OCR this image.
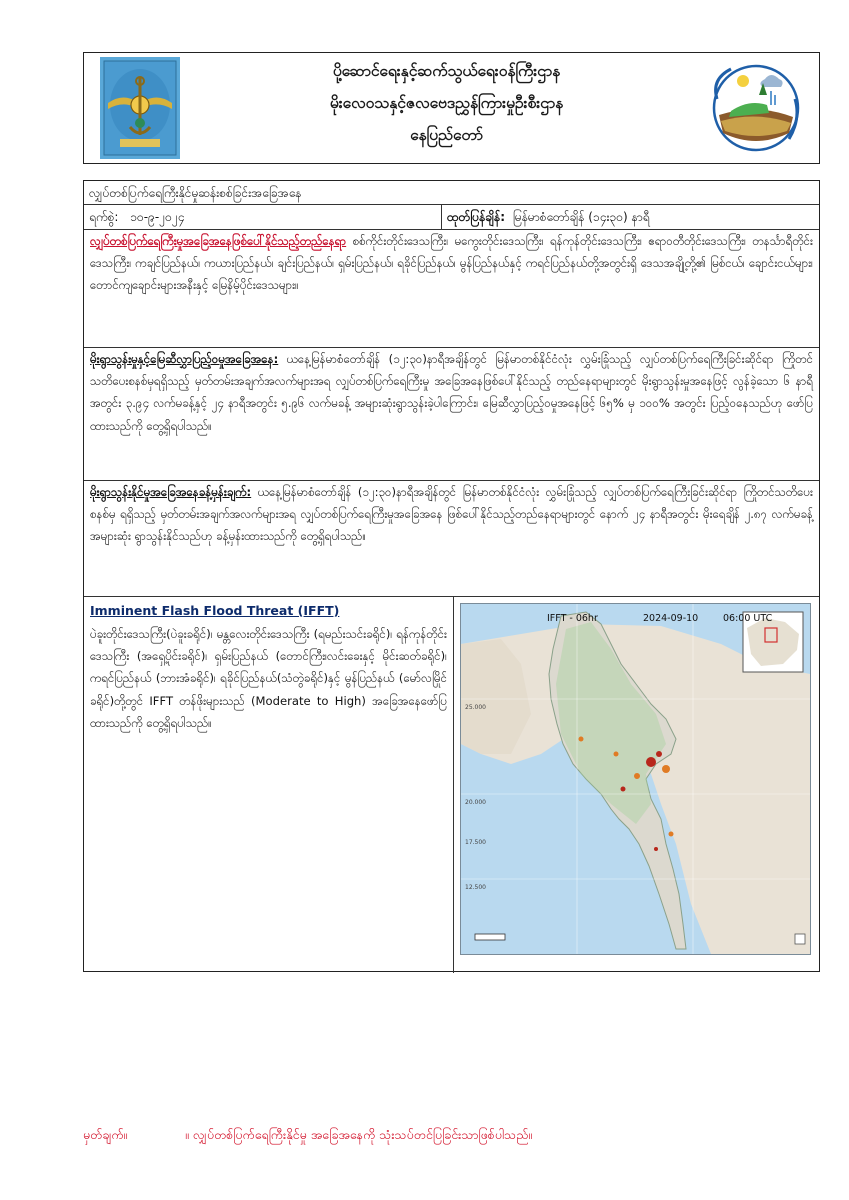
ပို့ဆောင်ရေးနှင့်ဆက်သွယ်ရေးဝန်ကြီးဌာန
မိုးလေဝသနှင့်ဇလဗေဒညွှန်ကြားမှုဦးစီးဌာန
နေပြည်တော်
လျှပ်တစ်ပြက်ရေကြီးနိုင်မှုဆန်းစစ်ခြင်းအခြေအနေ
ရက်စွဲ: ၁၀-၉-၂၀၂၄	ထုတ်ပြန်ချိန်: မြန်မာစံတော်ချိန် (၁၄း၃၀) နာရီ
လျှပ်တစ်ပြက်ရေကြီးမှုအခြေအနေဖြစ်ပေါ်နိုင်သည့်တည်နေရာ စစ်ကိုင်းတိုင်းဒေသကြီး၊ မကွေးတိုင်းဒေသကြီး၊ ရန်ကုန်တိုင်းဒေသကြီး၊ ဧရာဝတီတိုင်းဒေသကြီး၊ တနင်္သာရီတိုင်းဒေသကြီး၊ ကချင်ပြည်နယ်၊ ကယားပြည်နယ်၊ ချင်းပြည်နယ်၊ ရှမ်းပြည်နယ်၊ ရခိုင်ပြည်နယ်၊ မွန်ပြည်နယ်နှင့် ကရင်ပြည်နယ်တို့အတွင်းရှိ ဒေသအချို့တို့၏ မြစ်ငယ်၊ ချောင်းငယ်များ၊ တောင်ကျချောင်းများအနီးနှင့် မြေနိမ့်ပိုင်းဒေသများ။
မိုးရွာသွန်းမှုနှင့်မြေဆီလွှာပြည့်ဝမှုအခြေအနေ: ယနေ့မြန်မာစံတော်ချိန် (၁၂:၃၀)နာရီအချိန်တွင် မြန်မာတစ်နိုင်ငံလုံး လွှမ်းခြုံသည့် လျှပ်တစ်ပြက်ရေကြီးခြင်းဆိုင်ရာ ကြိုတင်သတိပေးစနစ်မှရရှိသည့် မှတ်တမ်းအချက်အလက်များအရ လျှပ်တစ်ပြက်ရေကြီးမှု အခြေအနေဖြစ်ပေါ်နိုင်သည့် တည်နေရာများတွင် မိုးရွာသွန်းမှုအနေဖြင့် လွန်ခဲ့သော ၆ နာရီအတွင်း ၃.၉၄ လက်မခန့်နှင့် ၂၄ နာရီအတွင်း ၅.၉၆ လက်မခန့် အများဆုံးရွာသွန်းခဲ့ပါကြောင်း၊ မြေဆီလွှာပြည့်ဝမှုအနေဖြင့် ၆၅% မှ ၁၀၀% အတွင်း ပြည့်ဝနေသည်ဟု ဖော်ပြထားသည်ကို တွေ့ရှိရပါသည်။
မိုးရွာသွန်းနိုင်မှုအခြေအနေခန့်မှန်းချက်: ယနေ့မြန်မာစံတော်ချိန် (၁၂:၃၀)နာရီအချိန်တွင် မြန်မာတစ်နိုင်ငံလုံး လွှမ်းခြုံသည့် လျှပ်တစ်ပြက်ရေကြီးခြင်းဆိုင်ရာ ကြိုတင်သတိပေးစနစ်မှ ရရှိသည့် မှတ်တမ်းအချက်အလက်များအရ လျှပ်တစ်ပြက်ရေကြီးမှုအခြေအနေ ဖြစ်ပေါ်နိုင်သည့်တည်နေရာများတွင် နောက် ၂၄ နာရီအတွင်း မိုးရေချိန် ၂.၈၇ လက်မခန့် အများဆုံး ရွာသွန်းနိုင်သည်ဟု ခန့်မှန်းထားသည်ကို တွေ့ရှိရပါသည်။
Imminent Flash Flood Threat (IFFT)
ပဲခူးတိုင်းဒေသကြီး(ပဲခူးခရိုင်)၊ မန္တလေးတိုင်းဒေသကြီး (ရမည်းသင်းခရိုင်)၊ ရန်ကုန်တိုင်းဒေသကြီး (အရှေ့ပိုင်းခရိုင်)၊ ရှမ်းပြည်နယ် (တောင်ကြီး၊လင်းခေးနှင့် မိုင်းဆတ်ခရိုင်)၊ ကရင်ပြည်နယ် (ဘားအံခရိုင်)၊ ရခိုင်ပြည်နယ်(သံတွဲခရိုင်)နှင့် မွန်ပြည်နယ် (မော်လမြိုင်ခရိုင်)တို့တွင် IFFT တန်ဖိုးများသည် (Moderate to High) အခြေအနေဖော်ပြထားသည်ကို တွေ့ရှိရပါသည်။
IFFT - 06hr	2024-09-10	06:00 UTC
25.000
20.000
17.500
12.500
မှတ်ချက်။	။ လျှပ်တစ်ပြက်ရေကြီးနိုင်မှု အခြေအနေကို သုံးသပ်တင်ပြခြင်းသာဖြစ်ပါသည်။
